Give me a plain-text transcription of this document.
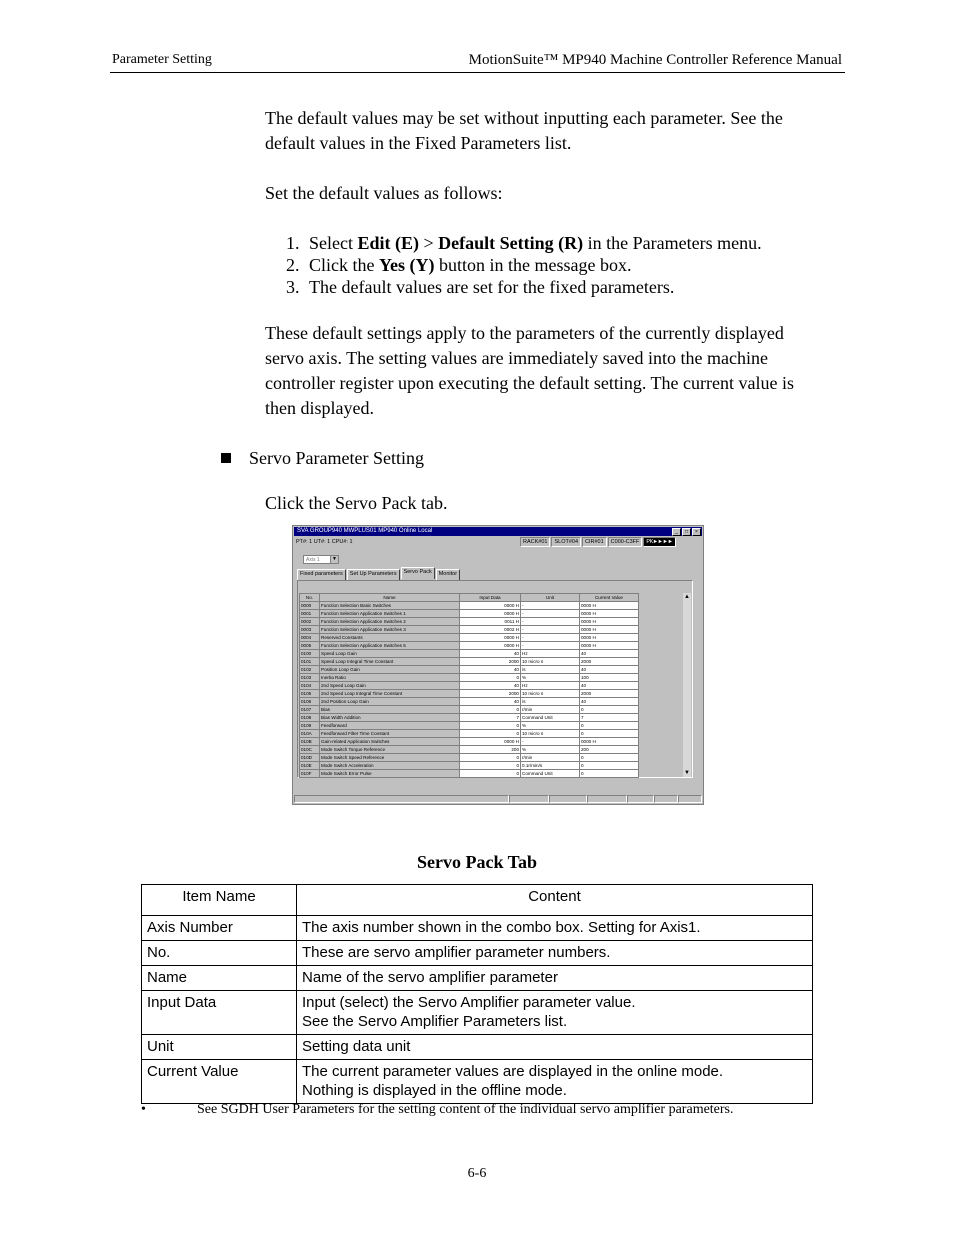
Parameter Setting	MotionSuite™ MP940 Machine Controller Reference Manual

The default values may be set without inputting each parameter. See the default values in the Fixed Parameters list.

Set the default values as follows:

1. Select Edit (E) > Default Setting (R) in the Parameters menu.
2. Click the Yes (Y) button in the message box.
3. The default values are set for the fixed parameters.

These default settings apply to the parameters of the currently displayed servo axis. The setting values are immediately saved into the machine controller register upon executing the default setting. The current value is then displayed.

Servo Parameter Setting

Click the Servo Pack tab.

SVA GROUP940 MWPLUS01 MP940 Online Local	_	□	×
PT#: 1 UT#: 1 CPU#: 1	RACK#01	SLOT#04	CIR#01	C000-C3FF	PK►►►►
Axis 1	▼
Fixed parameters	Set Up Parameters	Servo Pack	Monitor
No.	Name	Input Data	Unit	Current Value
0000	Function Selection Basic Switches	0000 H	-	0000 H
0001	Function Selection Application Switches 1	0000 H	-	0000 H
0002	Function Selection Application Switches 2	0011 H	-	0000 H
0003	Function Selection Application Switches 3	0002 H	-	0000 H
0004	Reserved Constants	0000 H	-	0000 H
0005	Function Selection Application Switches 5	0000 H	-	0000 H
0100	Speed Loop Gain	40	Hz	40
0101	Speed Loop Integral Time Constant	2000	10 micro s	2000
0102	Position Loop Gain	40	/s	40
0103	Inertia Ratio	0	%	100
0104	2nd Speed Loop Gain	40	Hz	40
0105	2nd Speed Loop Integral Time Constant	2000	10 micro s	2000
0106	2nd Position Loop Gain	40	/s	40
0107	Bias	0	r/min	0
0108	Bias Width Addition	7	Command Unit	7
0109	Feedforward	0	%	0
010A	Feedforward Filter Time Constant	0	10 micro s	0
010B	Gain-related Application Switches	0000 H	-	0000 H
010C	Mode Switch Torque Reference	200	%	200
010D	Mode Switch Speed Reference	0	r/min	0
010E	Mode Switch Acceleration	0	0.1r/min/s	0
010F	Mode Switch Error Pulse	0	Command Unit	0
▲
▼
Servo Pack Tab
Item Name	Content
Axis Number	The axis number shown in the combo box. Setting for Axis1.
No.	These are servo amplifier parameter numbers.
Name	Name of the servo amplifier parameter
Input Data	Input (select) the Servo Amplifier parameter value.
See the Servo Amplifier Parameters list.

Unit	Setting data unit
Current Value	The current parameter values are displayed in the online mode.
Nothing is displayed in the offline mode.
•	See SGDH User Parameters for the setting content of the individual servo amplifier parameters.
6-6
